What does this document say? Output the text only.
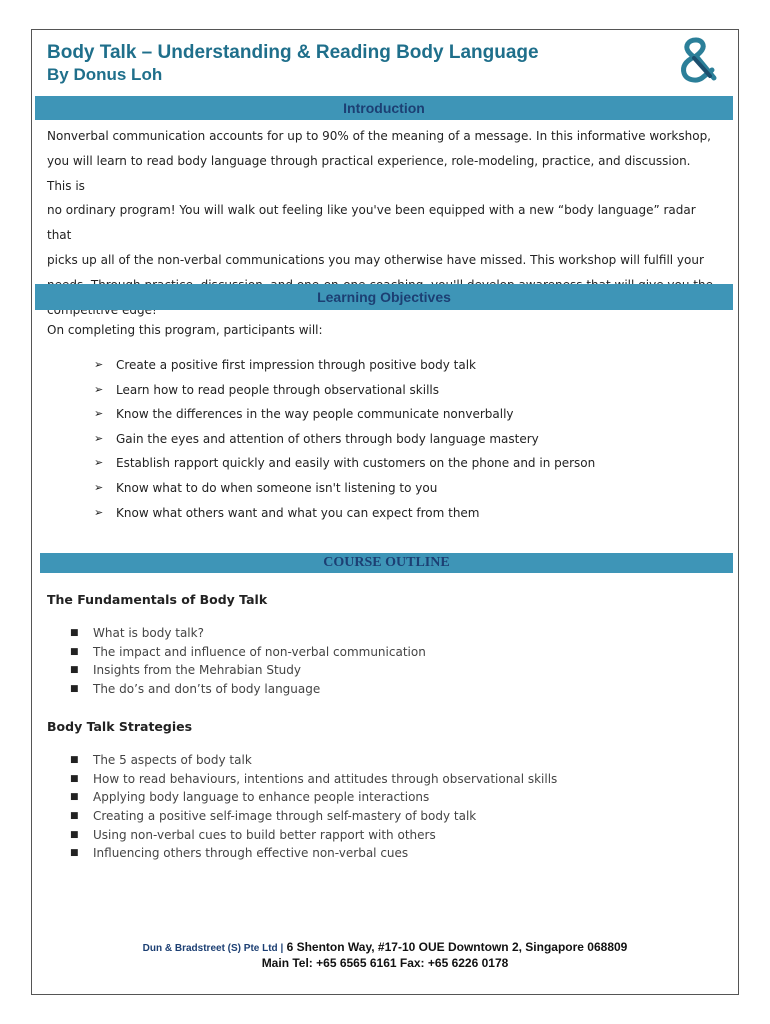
Body Talk – Understanding & Reading Body Language
By Donus Loh
Introduction
Nonverbal communication accounts for up to 90% of the meaning of a message. In this informative workshop,
you will learn to read body language through practical experience, role-modeling, practice, and discussion. This is
no ordinary program! You will walk out feeling like you've been equipped with a new “body language” radar that
picks up all of the non-verbal communications you may otherwise have missed. This workshop will fulfill your
Learning Objectives
On completing this program, participants will:
➢	Create a positive first impression through positive body talk
➢	Learn how to read people through observational skills
➢	Know the differences in the way people communicate nonverbally
➢	Gain the eyes and attention of others through body language mastery
➢	Establish rapport quickly and easily with customers on the phone and in person
➢	Know what to do when someone isn't listening to you
➢	Know what others want and what you can expect from them
COURSE OUTLINE
The Fundamentals of Body Talk
■	What is body talk?
■	The impact and influence of non-verbal communication
■	Insights from the Mehrabian Study
■	The do’s and don’ts of body language
Body Talk Strategies
■	The 5 aspects of body talk
■	How to read behaviours, intentions and attitudes through observational skills
■	Applying body language to enhance people interactions
■	Creating a positive self-image through self-mastery of body talk
■	Using non-verbal cues to build better rapport with others
■	Influencing others through effective non-verbal cues
Dun & Bradstreet (S) Pte Ltd | 6 Shenton Way, #17-10 OUE Downtown 2, Singapore 068809
Main Tel: +65 6565 6161 Fax: +65 6226 0178
